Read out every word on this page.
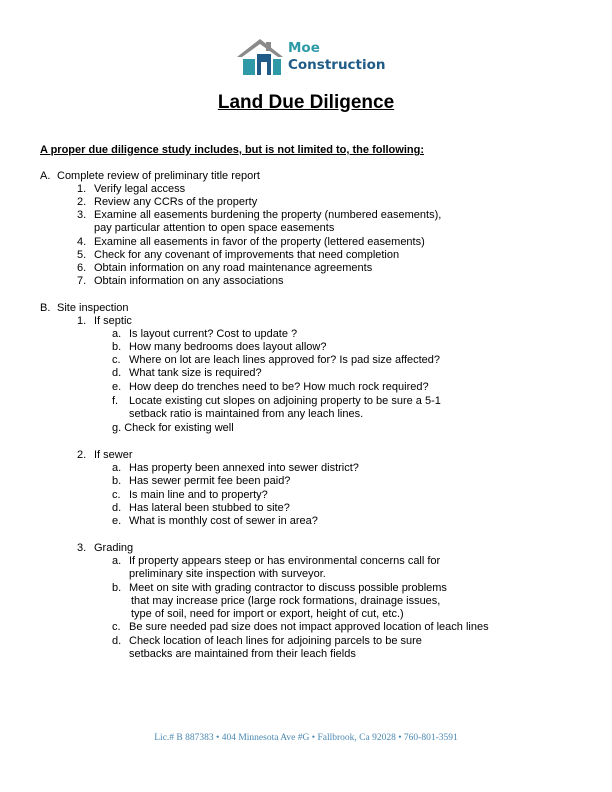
Moe
Construction
Land Due Diligence
A proper due diligence study includes, but is not limited to, the following:
A. Complete review of preliminary title report
1. Verify legal access
2. Review any CCRs of the property
3. Examine all easements burdening the property (numbered easements),
pay particular attention to open space easements
4. Examine all easements in favor of the property (lettered easements)
5. Check for any covenant of improvements that need completion
6. Obtain information on any road maintenance agreements
7. Obtain information on any associations
B. Site inspection
1. If septic
a. Is layout current? Cost to update ?
b. How many bedrooms does layout allow?
c. Where on lot are leach lines approved for? Is pad size affected?
d. What tank size is required?
e. How deep do trenches need to be? How much rock required?
f. Locate existing cut slopes on adjoining property to be sure a 5-1
setback ratio is maintained from any leach lines.
g. Check for existing well
2. If sewer
a. Has property been annexed into sewer district?
b. Has sewer permit fee been paid?
c. Is main line and to property?
d. Has lateral been stubbed to site?
e. What is monthly cost of sewer in area?
3. Grading
a. If property appears steep or has environmental concerns call for
preliminary site inspection with surveyor.
b. Meet on site with grading contractor to discuss possible problems
that may increase price (large rock formations, drainage issues,
type of soil, need for import or export, height of cut, etc.)
c. Be sure needed pad size does not impact approved location of leach lines
d. Check location of leach lines for adjoining parcels to be sure
setbacks are maintained from their leach fields
Lic.# B 887383 • 404 Minnesota Ave #G • Fallbrook, Ca 92028 • 760-801-3591
